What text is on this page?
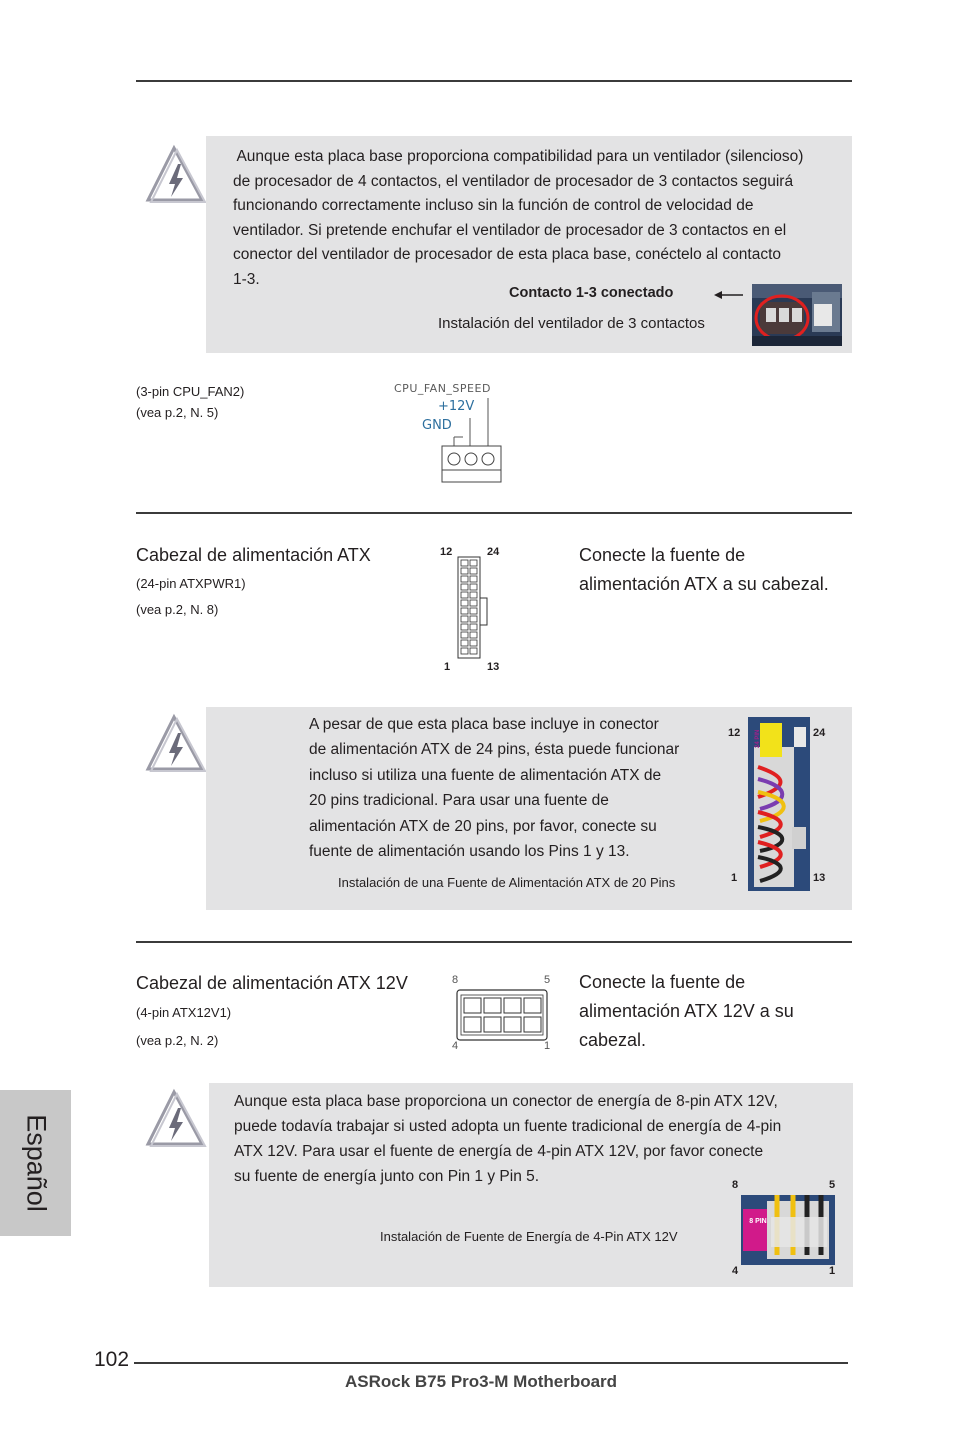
Aunque esta placa base proporciona compatibilidad para un ventilador (silencioso)
de procesador de 4 contactos, el ventilador de procesador de 3 contactos seguirá
funcionando correctamente incluso sin la función de control de velocidad de
ventilador. Si pretende enchufar el ventilador de procesador de 3 contactos en el
conector del ventilador de procesador de esta placa base, conéctelo al contacto
1-3.
Contacto 1-3 conectado
Instalación del ventilador de 3 contactos
(3-pin CPU_FAN2)
(vea p.2, N. 5)
CPU_FAN_SPEED
+12V
GND
Cabezal de alimentación ATX
(24-pin ATXPWR1)
(vea p.2, N. 8)
12	24
1	13
Conecte la fuente de
alimentación ATX a su cabezal.
A pesar de que esta placa base incluye in conector
de alimentación ATX de 24 pins, ésta puede funcionar
incluso si utiliza una fuente de alimentación ATX de
20 pins tradicional. Para usar una fuente de
alimentación ATX de 20 pins, por favor, conecte su
fuente de alimentación usando los Pins 1 y 13.
Instalación de una Fuente de Alimentación ATX de 20 Pins
12	24
1	13
24 PIN
Cabezal de alimentación ATX 12V
(4-pin ATX12V1)
(vea p.2, N. 2)
8	5
4	1
Conecte la fuente de
alimentación ATX 12V a su
cabezal.
Aunque esta placa base proporciona un conector de energía de 8-pin ATX 12V,
puede todavía trabajar si usted adopta un fuente tradicional de energía de 4-pin
ATX 12V. Para usar el fuente de energía de 4-pin ATX 12V, por favor conecte
su fuente de energía junto con Pin 1 y Pin 5.
Instalación de Fuente de Energía de 4-Pin ATX 12V
8	5
4	1
8 PIN
Español
102
ASRock B75 Pro3-M Motherboard
